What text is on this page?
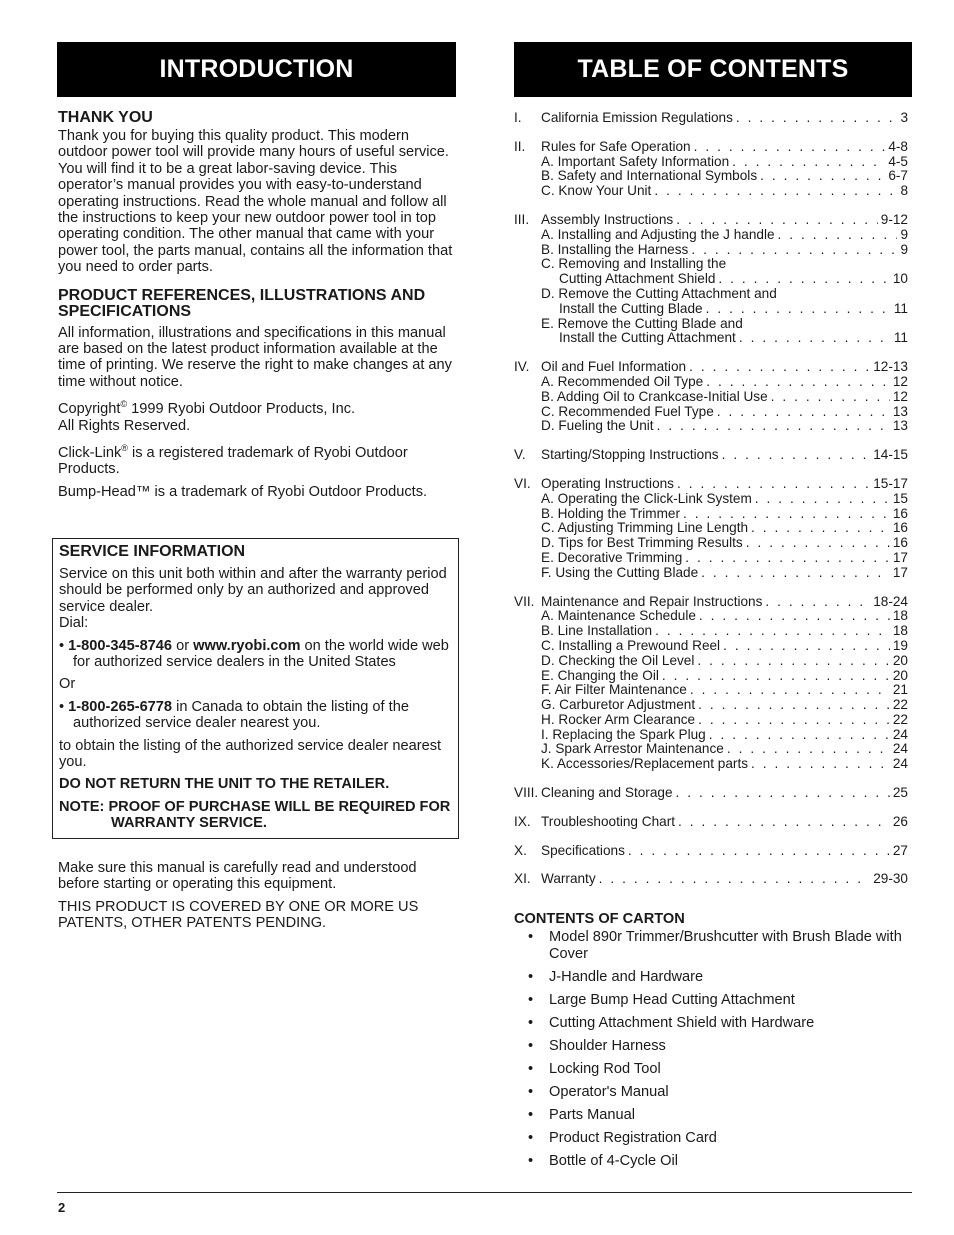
INTRODUCTION	TABLE OF CONTENTS
THANK YOU

Thank you for buying this quality product. This modern outdoor power tool will provide many hours of useful service. You will find it to be a great labor-saving device. This operator’s manual provides you with easy-to-understand operating instructions. Read the whole manual and follow all the instructions to keep your new outdoor power tool in top operating condition. The other manual that came with your power tool, the parts manual, contains all the information that you need to order parts.

PRODUCT REFERENCES, ILLUSTRATIONS AND SPECIFICATIONS

All information, illustrations and specifications in this manual are based on the latest product information available at the time of printing. We reserve the right to make changes at any time without notice.

Copyright© 1999 Ryobi Outdoor Products, Inc.

All Rights Reserved.

Click-Link® is a registered trademark of Ryobi Outdoor Products.

Bump-Head™ is a trademark of Ryobi Outdoor Products.

SERVICE INFORMATION

Service on this unit both within and after the warranty period should be performed only by an authorized and approved service dealer.

Dial:

• 1-800-345-8746 or www.ryobi.com on the world wide web for authorized service dealers in the United States

Or

• 1-800-265-6778 in Canada to obtain the listing of the authorized service dealer nearest you.

to obtain the listing of the authorized service dealer nearest you.

DO NOT RETURN THE UNIT TO THE RETAILER.

NOTE: PROOF OF PURCHASE WILL BE REQUIRED FOR WARRANTY SERVICE.

Make sure this manual is carefully read and understood before starting or operating this equipment.

THIS PRODUCT IS COVERED BY ONE OR MORE US PATENTS, OTHER PATENTS PENDING.

I.	California Emission Regulations . . .	3
II.	Rules for Safe Operation . . .	4-8
A. Important Safety Information . . .	4-5
B. Safety and International Symbols . . .	6-7
C. Know Your Unit . . .	8
III. Assembly Instructions . . .	9-12
A. Installing and Adjusting the J handle . . .	9
B. Installing the Harness . . .	9
C. Removing and Installing the
Cutting Attachment Shield . . .	10
D. Remove the Cutting Attachment and
Install the Cutting Blade . . .	11
E. Remove the Cutting Blade and
Install the Cutting Attachment . . .	11
IV. Oil and Fuel Information . . .	12-13
A. Recommended Oil Type . . .	12
B. Adding Oil to Crankcase-Initial Use . . .	12
C. Recommended Fuel Type . . .	13
D. Fueling the Unit . . .	13
V.	Starting/Stopping Instructions . . .	14-15
VI. Operating Instructions . . .	15-17
A. Operating the Click-Link System . . .	15
B. Holding the Trimmer . . .	16
C. Adjusting Trimming Line Length . . .	16
D. Tips for Best Trimming Results . . .	16
E. Decorative Trimming . . .	17
F. Using the Cutting Blade . . .	17
VII. Maintenance and Repair Instructions . . .	18-24
A. Maintenance Schedule . . .	18
B. Line Installation . . .	18
C. Installing a Prewound Reel . . .	19
D. Checking the Oil Level . . .	20
E. Changing the Oil . . .	20
F. Air Filter Maintenance . . .	21
G. Carburetor Adjustment . . .	22
H. Rocker Arm Clearance . . .	22
I. Replacing the Spark Plug . . .	24
J. Spark Arrestor Maintenance . . .	24
K. Accessories/Replacement parts . . .	24
VIII. Cleaning and Storage . . .	25
IX. Troubleshooting Chart . . .	26
X.	Specifications . . .	27
XI. Warranty . . .	29-30
CONTENTS OF CARTON
• Model 890r Trimmer/Brushcutter with Brush Blade with Cover
• J-Handle and Hardware
• Large Bump Head Cutting Attachment
• Cutting Attachment Shield with Hardware
• Shoulder Harness
• Locking Rod Tool
• Operator's Manual
• Parts Manual
• Product Registration Card
• Bottle of 4-Cycle Oil
2
